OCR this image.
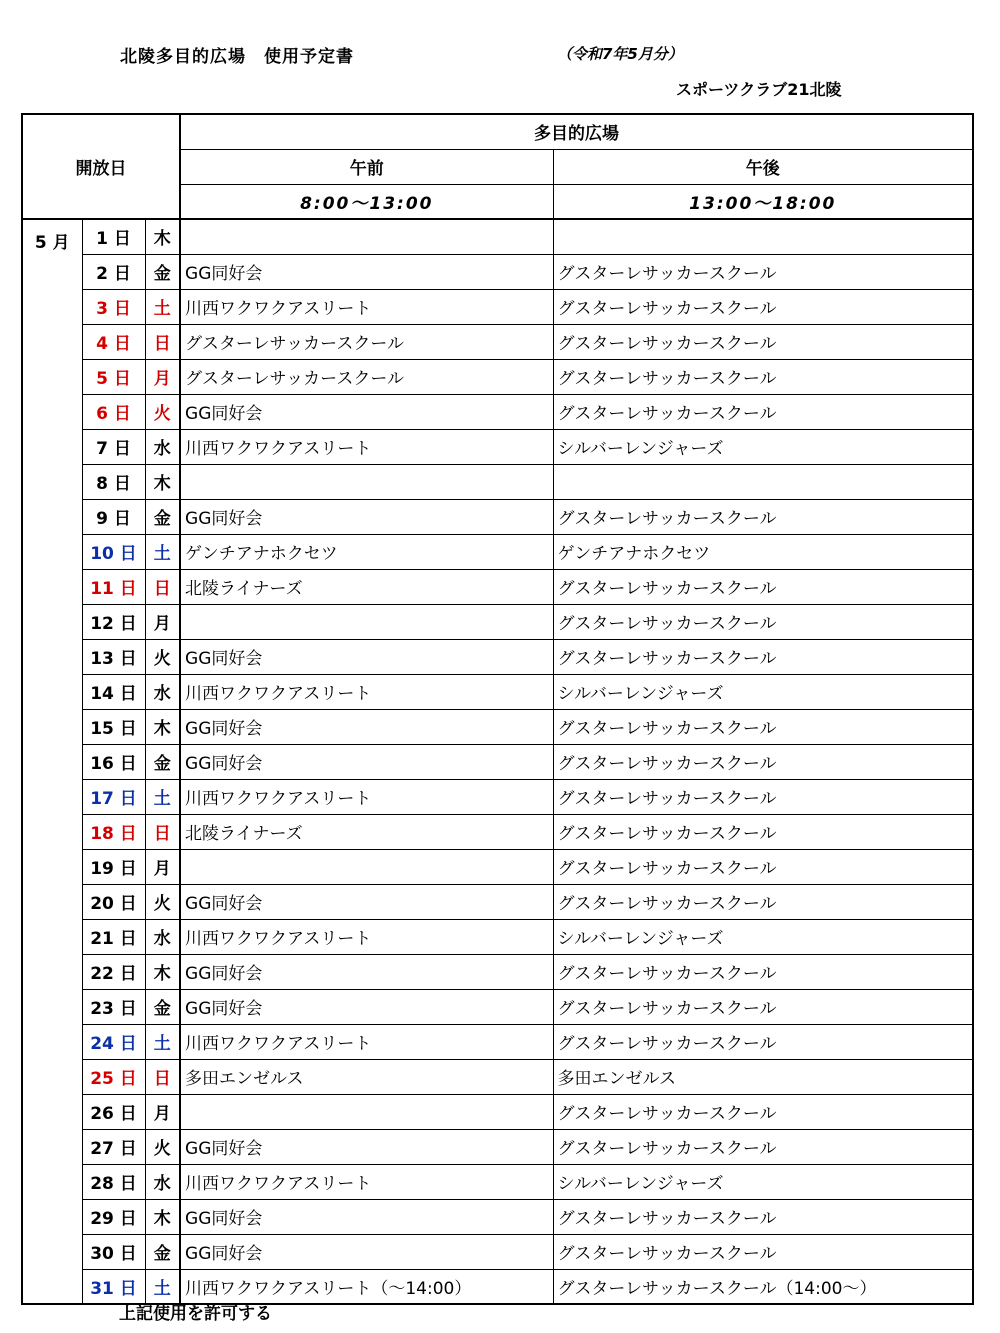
北陵多目的広場　使用予定書	（令和7年5月分）
スポーツクラブ21北陵
開放日			多目的広場	
			午前	午後
			8:00～13:00	13:00～18:00
5 月	1 日	木		
	2 日	金	GG同好会	グスターレサッカースクール
	3 日	土	川西ワクワクアスリート	グスターレサッカースクール
	4 日	日	グスターレサッカースクール	グスターレサッカースクール
	5 日	月	グスターレサッカースクール	グスターレサッカースクール
	6 日	火	GG同好会	グスターレサッカースクール
	7 日	水	川西ワクワクアスリート	シルバーレンジャーズ
	8 日	木		
	9 日	金	GG同好会	グスターレサッカースクール
	10 日	土	ゲンチアナホクセツ	ゲンチアナホクセツ
	11 日	日	北陵ライナーズ	グスターレサッカースクール
	12 日	月		グスターレサッカースクール
	13 日	火	GG同好会	グスターレサッカースクール
	14 日	水	川西ワクワクアスリート	シルバーレンジャーズ
	15 日	木	GG同好会	グスターレサッカースクール
	16 日	金	GG同好会	グスターレサッカースクール
	17 日	土	川西ワクワクアスリート	グスターレサッカースクール
	18 日	日	北陵ライナーズ	グスターレサッカースクール
	19 日	月		グスターレサッカースクール
	20 日	火	GG同好会	グスターレサッカースクール
	21 日	水	川西ワクワクアスリート	シルバーレンジャーズ
	22 日	木	GG同好会	グスターレサッカースクール
	23 日	金	GG同好会	グスターレサッカースクール
	24 日	土	川西ワクワクアスリート	グスターレサッカースクール
	25 日	日	多田エンゼルス	多田エンゼルス
	26 日	月		グスターレサッカースクール
	27 日	火	GG同好会	グスターレサッカースクール
	28 日	水	川西ワクワクアスリート	シルバーレンジャーズ
	29 日	木	GG同好会	グスターレサッカースクール
	30 日	金	GG同好会	グスターレサッカースクール
	31 日	土	川西ワクワクアスリート（～14:00）	グスターレサッカースクール（14:00～）
上記使用を許可する
